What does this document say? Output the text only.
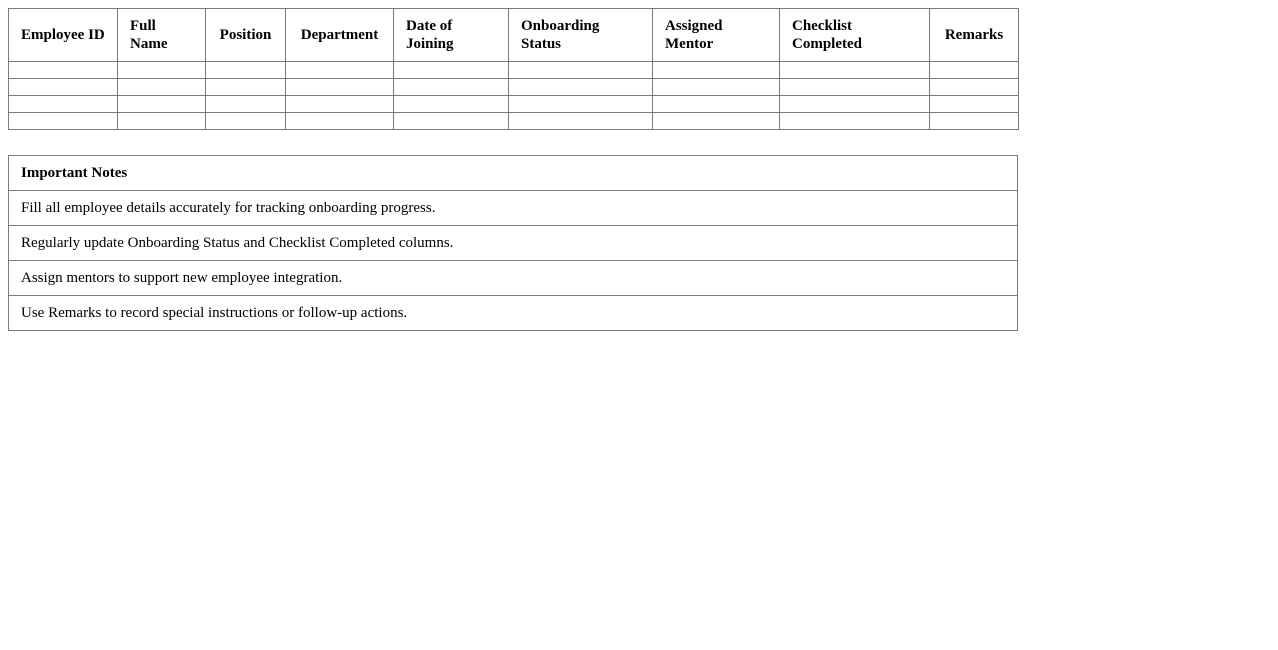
Employee ID	Full Name	Position	Department	Date of Joining	Onboarding Status	Assigned Mentor	Checklist Completed	Remarks

Important Notes
Fill all employee details accurately for tracking onboarding progress.
Regularly update Onboarding Status and Checklist Completed columns.
Assign mentors to support new employee integration.
Use Remarks to record special instructions or follow-up actions.
